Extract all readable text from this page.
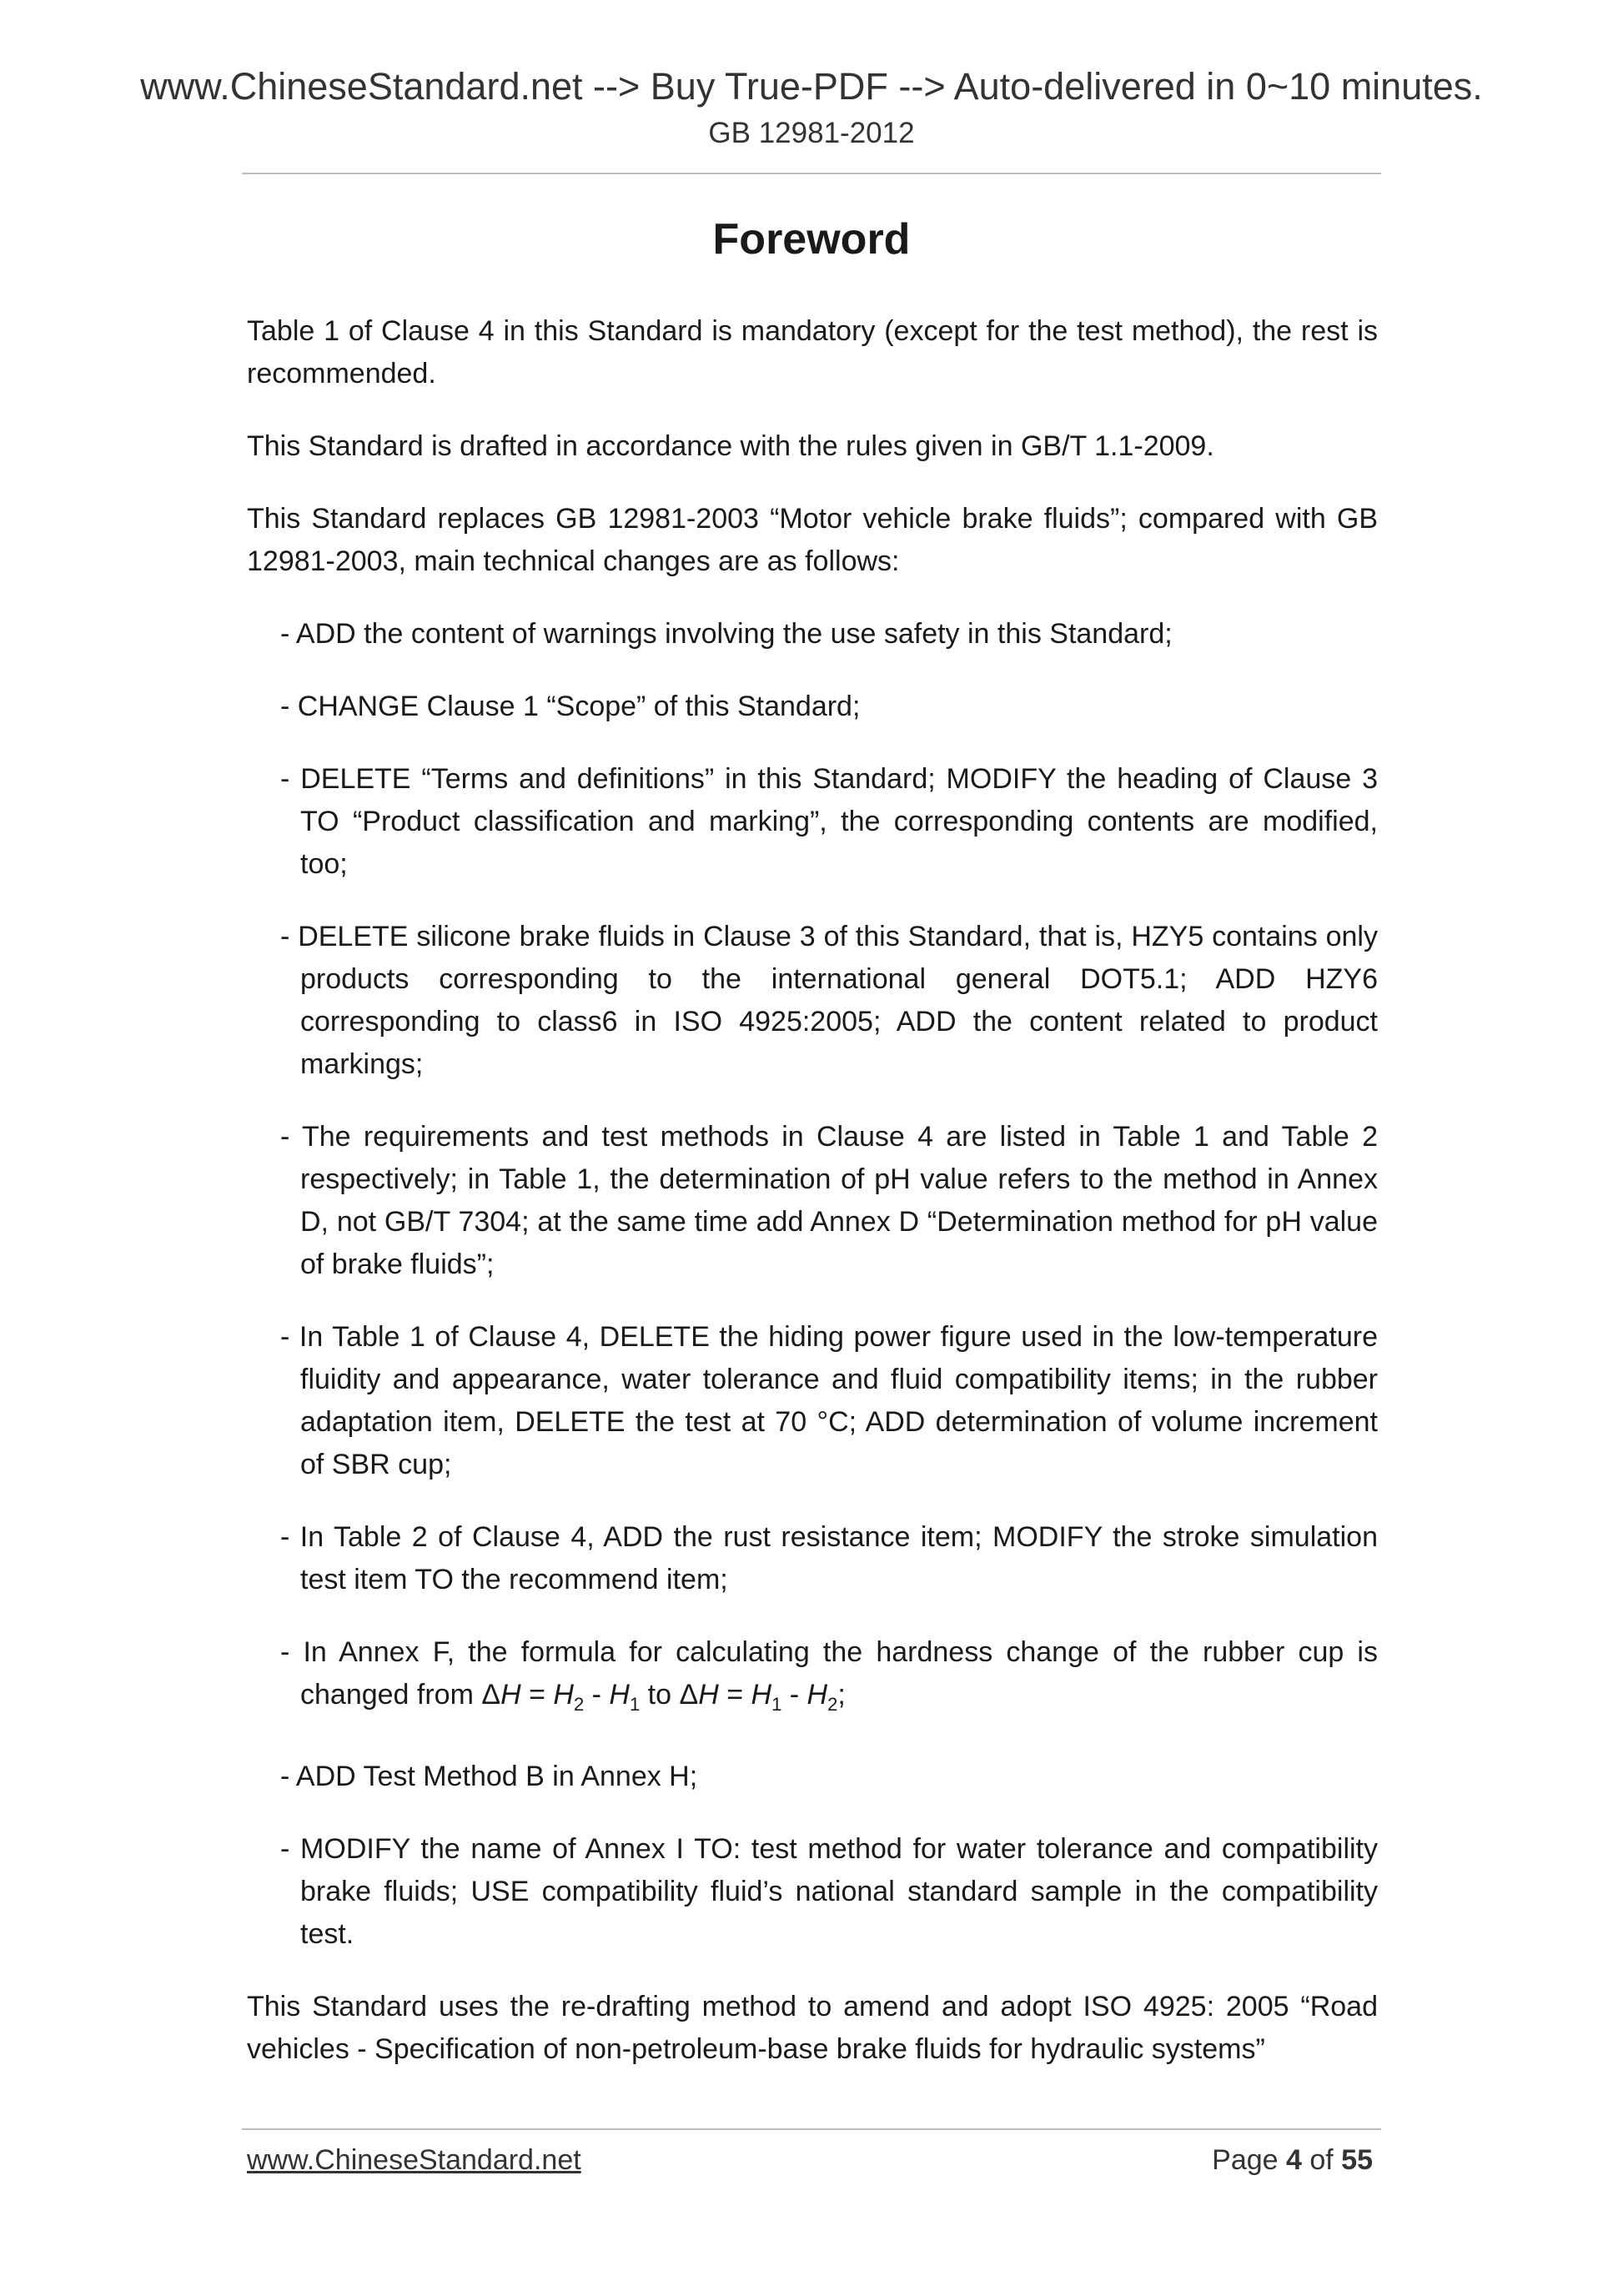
www.ChineseStandard.net --> Buy True-PDF --> Auto-delivered in 0~10 minutes.
GB 12981-2012
Foreword

Table 1 of Clause 4 in this Standard is mandatory (except for the test method), the rest is recommended.

This Standard is drafted in accordance with the rules given in GB/T 1.1-2009.

This Standard replaces GB 12981-2003 “Motor vehicle brake fluids”; compared with GB 12981-2003, main technical changes are as follows:

- ADD the content of warnings involving the use safety in this Standard;
- CHANGE Clause 1 “Scope” of this Standard;
- DELETE “Terms and definitions” in this Standard; MODIFY the heading of Clause 3 TO “Product classification and marking”, the corresponding contents are modified, too;
- DELETE silicone brake fluids in Clause 3 of this Standard, that is, HZY5 contains only products corresponding to the international general DOT5.1; ADD HZY6 corresponding to class6 in ISO 4925:2005; ADD the content related to product markings;
- The requirements and test methods in Clause 4 are listed in Table 1 and Table 2 respectively; in Table 1, the determination of pH value refers to the method in Annex D, not GB/T 7304; at the same time add Annex D “Determination method for pH value of brake fluids”;
- In Table 1 of Clause 4, DELETE the hiding power figure used in the low-temperature fluidity and appearance, water tolerance and fluid compatibility items; in the rubber adaptation item, DELETE the test at 70 °C; ADD determination of volume increment of SBR cup;
- In Table 2 of Clause 4, ADD the rust resistance item; MODIFY the stroke simulation test item TO the recommend item;
- In Annex F, the formula for calculating the hardness change of the rubber cup is changed from $\Delta H = H_2 - H_1$ to $\Delta H = H_1 - H_2$;
- ADD Test Method B in Annex H;
- MODIFY the name of Annex I TO: test method for water tolerance and compatibility brake fluids; USE compatibility fluid’s national standard sample in the compatibility test.

This Standard uses the re-drafting method to amend and adopt ISO 4925: 2005 “Road vehicles - Specification of non-petroleum-base brake fluids for hydraulic systems”

www.ChineseStandard.net	Page 4 of 55
